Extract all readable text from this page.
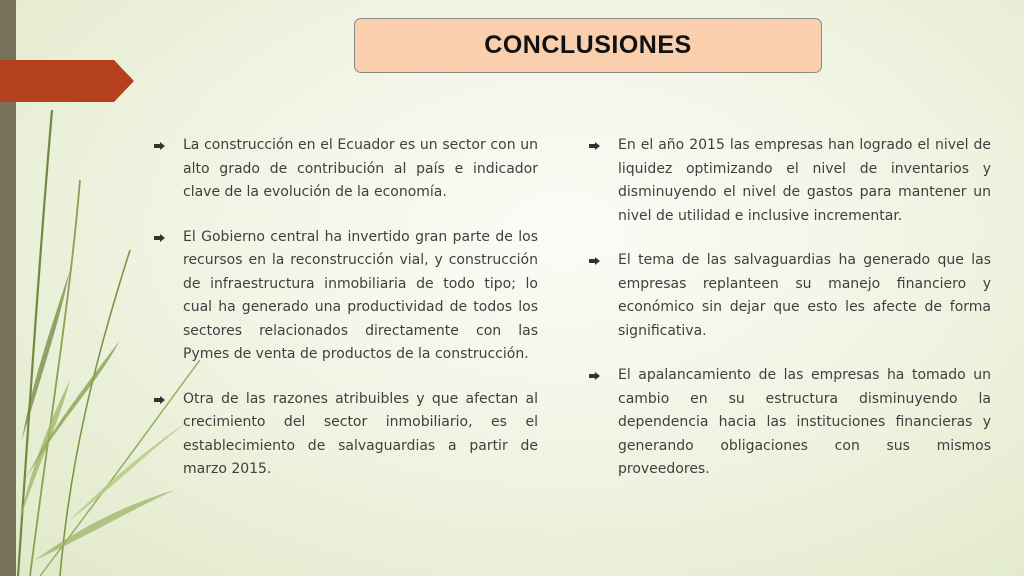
CONCLUSIONES
La construcción en el Ecuador es un sector con un alto grado de contribución al país e indicador clave de la evolución de la economía.
El Gobierno central ha invertido gran parte de los recursos en la reconstrucción vial, y construcción de infraestructura inmobiliaria de todo tipo; lo cual ha generado una productividad de todos los sectores relacionados directamente con las Pymes de venta de productos de la construcción.
Otra de las razones atribuibles y que afectan al crecimiento del sector inmobiliario, es el establecimiento de salvaguardias a partir de marzo 2015.
En el año 2015 las empresas han logrado el nivel de liquidez optimizando el nivel de inventarios y disminuyendo el nivel de gastos para mantener un nivel de utilidad e inclusive incrementar.
El tema de las salvaguardias ha generado que las empresas replanteen su manejo financiero y económico sin dejar que esto les afecte de forma significativa.
El apalancamiento de las empresas ha tomado un cambio en su estructura disminuyendo la dependencia hacia las instituciones financieras y generando obligaciones con sus mismos proveedores.
